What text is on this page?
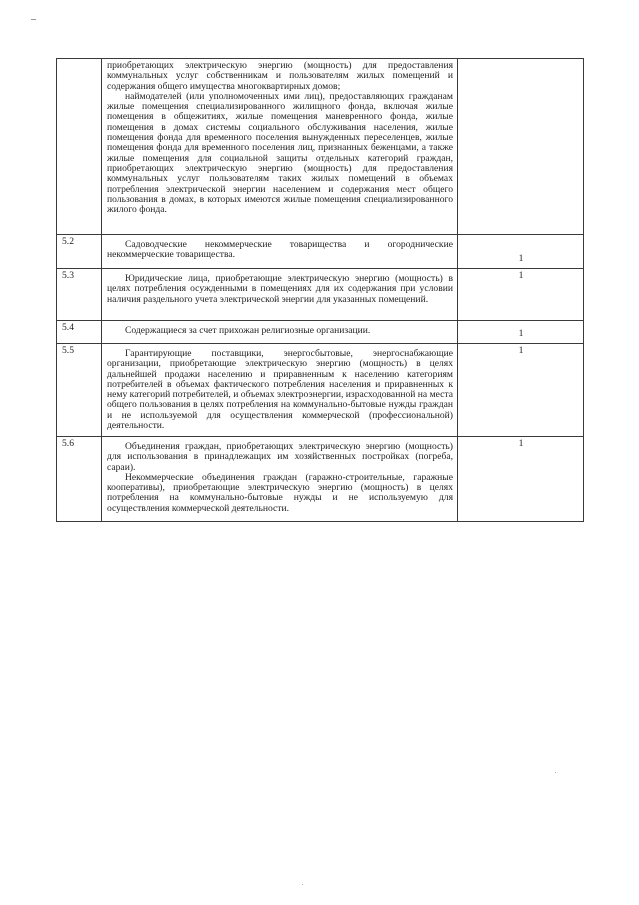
	приобретающих электрическую энергию (мощность) для предоставления коммунальных услуг собственникам и пользователям жилых помещений и содержания общего имущества многоквартирных домов;

наймодателей (или уполномоченных ими лиц), предоставляющих гражданам жилые помещения специализированного жилищного фонда, включая жилые помещения в общежитиях, жилые помещения маневренного фонда, жилые помещения в домах системы социального обслуживания населения, жилые помещения фонда для временного поселения вынужденных переселенцев, жилые помещения фонда для временного поселения лиц, признанных беженцами, а также жилые помещения для социальной защиты отдельных категорий граждан, приобретающих электрическую энергию (мощность) для предоставления коммунальных услуг пользователям таких жилых помещений в объемах потребления электрической энергии населением и содержания мест общего пользования в домах, в которых имеются жилые помещения специализированного жилого фонда.	

5.2	Садоводческие некоммерческие товарищества и огороднические некоммерческие товарищества.	1
5.3	Юридические лица, приобретающие электрическую энергию (мощность) в целях потребления осужденными в помещениях для их содержания при условии наличия раздельного учета электрической энергии для указанных помещений.	1
5.4	Содержащиеся за счет прихожан религиозные организации.	1
5.5	Гарантирующие поставщики, энергосбытовые, энергоснабжающие организации, приобретающие электрическую энергию (мощность) в целях дальнейшей продажи населению и приравненным к населению категориям потребителей в объемах фактического потребления населения и приравненных к нему категорий потребителей, и объемах электроэнергии, израсходованной на места общего пользования в целях потребления на коммунально-бытовые нужды граждан и не используемой для осуществления коммерческой (профессиональной) деятельности.	1
5.6	Объединения граждан, приобретающих электрическую энергию (мощность) для использования в принадлежащих им хозяйственных постройках (погреба, сараи).

Некоммерческие объединения граждан (гаражно-строительные, гаражные кооперативы), приобретающие электрическую энергию (мощность) в целях потребления на коммунально-бытовые нужды и не используемую для осуществления коммерческой деятельности.	1
